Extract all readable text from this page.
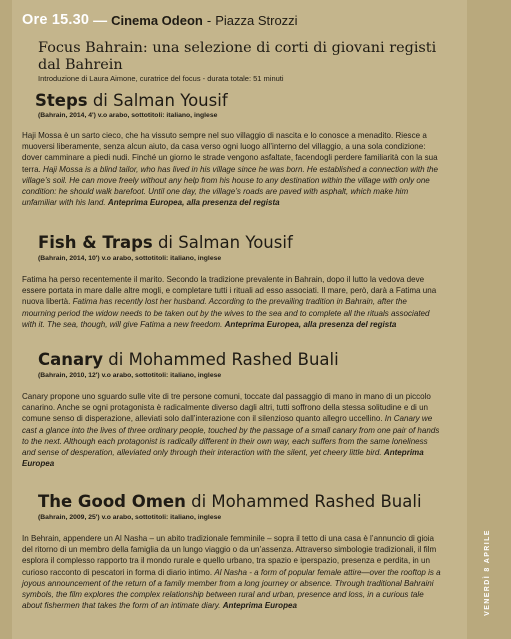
Ore 15.30 — Cinema Odeon - Piazza Strozzi
Focus Bahrain: una selezione di corti di giovani registi dal Bahrein
Introduzione di Laura Aimone, curatrice del focus - durata totale: 51 minuti
Steps di Salman Yousif
(Bahrain, 2014, 4') v.o arabo, sottotitoli: italiano, inglese

Haji Mossa è un sarto cieco, che ha vissuto sempre nel suo villaggio di nascita e lo conosce a menadito. Riesce a muoversi liberamente, senza alcun aiuto, da casa verso ogni luogo all’interno del villaggio, a una sola condizione: dover camminare a piedi nudi. Finché un giorno le strade vengono asfaltate, facendogli perdere familiarità con la sua terra. Haji Mossa is a blind tailor, who has lived in his village since he was born. He established a connection with the village’s soil. He can move freely without any help from his house to any destination within the village with only one condition: he should walk barefoot. Until one day, the village’s roads are paved with asphalt, which make him unfamiliar with his land. Anteprima Europea, alla presenza del regista

Fish & Traps di Salman Yousif
(Bahrain, 2014, 10') v.o arabo, sottotitoli: italiano, inglese

Fatima ha perso recentemente il marito. Secondo la tradizione prevalente in Bahrain, dopo il lutto la vedova deve essere portata in mare dalle altre mogli, e completare tutti i rituali ad esso associati. Il mare, però, darà a Fatima una nuova libertà. Fatima has recently lost her husband. According to the prevailing tradition in Bahrain, after the mourning period the widow needs to be taken out by the wives to the sea and to complete all the rituals associated with it. The sea, though, will give Fatima a new freedom. Anteprima Europea, alla presenza del regista

Canary di Mohammed Rashed Buali
(Bahrain, 2010, 12') v.o arabo, sottotitoli: italiano, inglese

Canary propone uno sguardo sulle vite di tre persone comuni, toccate dal passaggio di mano in mano di un piccolo canarino. Anche se ogni protagonista è radicalmente diverso dagli altri, tutti soffrono della stessa solitudine e di un comune senso di disperazione, alleviati solo dall’interazione con il silenzioso quanto allegro uccellino. In Canary we cast a glance into the lives of three ordinary people, touched by the passage of a small canary from one pair of hands to the next. Although each protagonist is radically different in their own way, each suffers from the same loneliness and sense of desperation, alleviated only through their interaction with the silent, yet cheery little bird. Anteprima Europea

The Good Omen di Mohammed Rashed Buali
(Bahrain, 2009, 25') v.o arabo, sottotitoli: italiano, inglese

In Behrain, appendere un Al Nasha – un abito tradizionale femminile – sopra il tetto di una casa è l’annuncio di gioia del ritorno di un membro della famiglia da un lungo viaggio o da un’assenza. Attraverso simbologie tradizionali, il film esplora il complesso rapporto tra il mondo rurale e quello urbano, tra spazio e iperspazio, presenza e perdita, in un curioso racconto di pescatori in forma di diario intimo. Al Nasha - a form of popular female attire—over the rooftop is a joyous announcement of the return of a family member from a long journey or absence. Through traditional Bahraini symbols, the film explores the complex relationship between rural and urban, presence and loss, in a curious tale about fishermen that takes the form of an intimate diary. Anteprima Europea	VENERDÌ 8 APRILE
